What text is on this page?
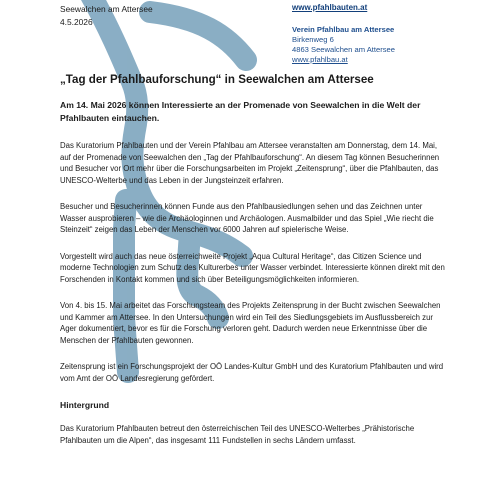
Seewalchen am Attersee
4.5.2026
www.pfahlbauten.at
Verein Pfahlbau am Attersee
Birkenweg 6
4863 Seewalchen am Attersee
www.pfahlbau.at
„Tag der Pfahlbauforschung“ in Seewalchen am Attersee

Am 14. Mai 2026 können Interessierte an der Promenade von Seewalchen in die Welt der Pfahlbauten eintauchen.

Das Kuratorium Pfahlbauten und der Verein Pfahlbau am Attersee veranstalten am Donnerstag, dem 14. Mai, auf der Promenade von Seewalchen den „Tag der Pfahlbauforschung“. An diesem Tag können Besucherinnen und Besucher vor Ort mehr über die Forschungsarbeiten im Projekt „Zeitensprung“, über die Pfahlbauten, das UNESCO-Welterbe und das Leben in der Jungsteinzeit erfahren.

Besucher und Besucherinnen können Funde aus den Pfahlbausiedlungen sehen und das Zeichnen unter Wasser ausprobieren – wie die Archäologinnen und Archäologen. Ausmalbilder und das Spiel „Wie riecht die Steinzeit“ zeigen das Leben der Menschen vor 6000 Jahren auf spielerische Weise.

Vorgestellt wird auch das neue österreichweite Projekt „Aqua Cultural Heritage“, das Citizen Science und moderne Technologien zum Schutz des Kulturerbes unter Wasser verbindet. Interessierte können direkt mit den Forschenden in Kontakt kommen und sich über Beteiligungsmöglichkeiten informieren.

Von 4. bis 15. Mai arbeitet das Forschungsteam des Projekts Zeitensprung in der Bucht zwischen Seewalchen und Kammer am Attersee. In den Untersuchungen wird ein Teil des Siedlungsgebiets im Ausflussbereich zur Ager dokumentiert, bevor es für die Forschung verloren geht. Dadurch werden neue Erkenntnisse über die Menschen der Pfahlbauten gewonnen.

Zeitensprung ist ein Forschungsprojekt der OÖ Landes-Kultur GmbH und des Kuratorium Pfahlbauten und wird vom Amt der OÖ Landesregierung gefördert.

Hintergrund

Das Kuratorium Pfahlbauten betreut den österreichischen Teil des UNESCO-Welterbes „Prähistorische Pfahlbauten um die Alpen“, das insgesamt 111 Fundstellen in sechs Ländern umfasst.
